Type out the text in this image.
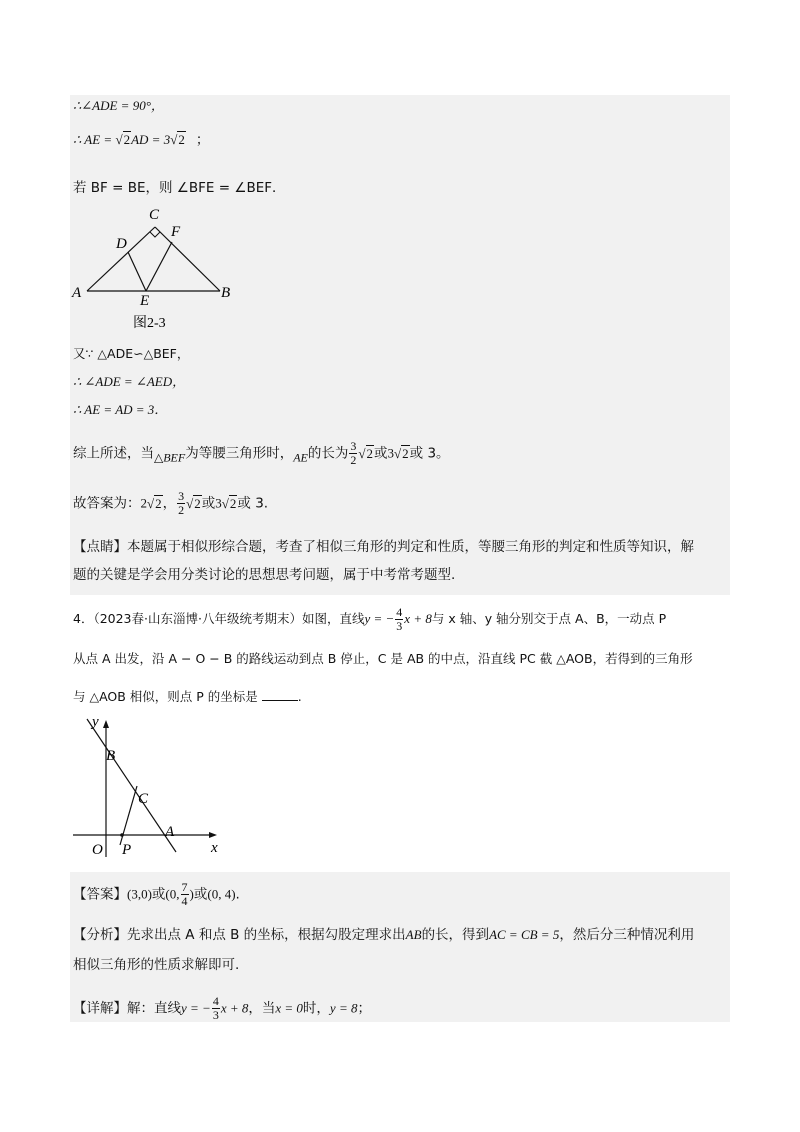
∴∠ADE = 90°，
∴ AE = √2AD = 3√2 ；
若 BF = BE，则 ∠BFE = ∠BEF．
C
D
F
A	E	B
图2-3
又∵ △ADE∽△BEF，
∴ ∠ADE = ∠AED，
∴ AE = AD = 3．
综上所述，当△BEF为等腰三角形时，AE的长为 $\frac{3}{2} √2$或3√2或 3。
故答案为：2√2， $\frac{3}{2} √2$或3√2或 3.
【点睛】本题属于相似形综合题，考查了相似三角形的判定和性质，等腰三角形的判定和性质等知识，解
题的关键是学会用分类讨论的思想思考问题，属于中考常考题型.
4．（2023春·山东淄博·八年级统考期末）如图，直线y = − $\frac{4}{3}$ x + 8与 x 轴、y 轴分别交于点 A、B，一动点 P
从点 A 出发，沿 A − O − B 的路线运动到点 B 停止，C 是 AB 的中点，沿直线 PC 截 △AOB，若得到的三角形
与 △AOB 相似，则点 P 的坐标是	.
y
B
C
A
O P	x
【答案】(3,0)或(0, $\frac{7}{4}$ )或(0, 4).
【分析】先求出点 A 和点 B 的坐标，根据勾股定理求出AB的长，得到AC = CB = 5，然后分三种情况利用
相似三角形的性质求解即可.
【详解】解：直线y = − $\frac{4}{3}$ x + 8，当x = 0时，y = 8；
